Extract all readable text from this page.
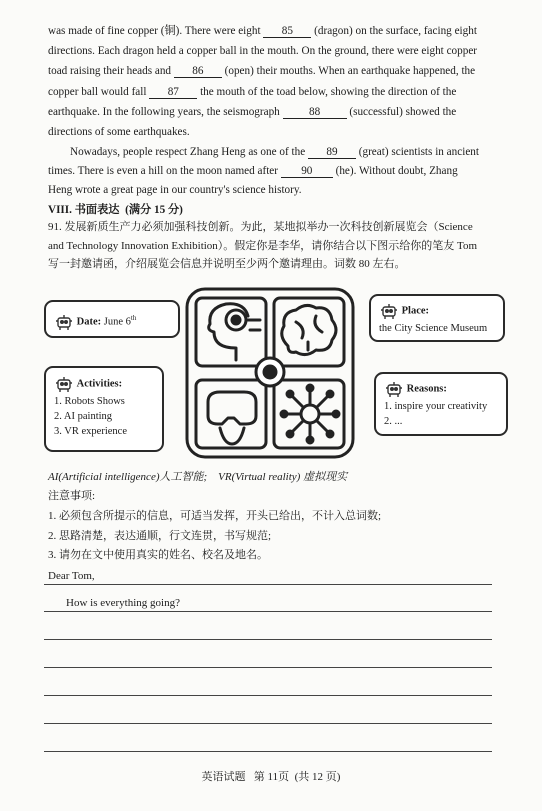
was made of fine copper (铜). There were eight 85 (dragon) on the surface, facing eight
directions. Each dragon held a copper ball in the mouth. On the ground, there were eight copper
toad raising their heads and 86 (open) their mouths. When an earthquake happened, the
copper ball would fall 87 the mouth of the toad below, showing the direction of the
earthquake. In the following years, the seismograph	88	(successful) showed the
directions of some earthquakes.
Nowadays, people respect Zhang Heng as one of the 89 (great) scientists in ancient
times. There is even a hill on the moon named after 90 (he). Without doubt, Zhang
Heng wrote a great page in our country's science history.
VIII. 书面表达 (满分 15 分)
91. 发展新质生产力必须加强科技创新。为此，某地拟举办一次科技创新展览会（Science
and Technology Innovation Exhibition）。假定你是李华，请你结合以下图示给你的笔友 Tom
写一封邀请函，介绍展览会信息并说明至少两个邀请理由。词数 80 左右。
Date: June 6th
Place:
the City Science Museum
Activities:
1. Robots Shows
2. AI painting
3. VR experience
Reasons:
1. inspire your creativity
2. ...
AI(Artificial intelligence)人工智能; VR(Virtual reality) 虚拟现实
注意事项:
1. 必须包含所提示的信息，可适当发挥，开头已给出，不计入总词数;
2. 思路清楚，表达通顺，行文连贯，书写规范;
3. 请勿在文中使用真实的姓名、校名及地名。
Dear Tom,
How is everything going?
英语试题   第 11页  (共 12 页)
